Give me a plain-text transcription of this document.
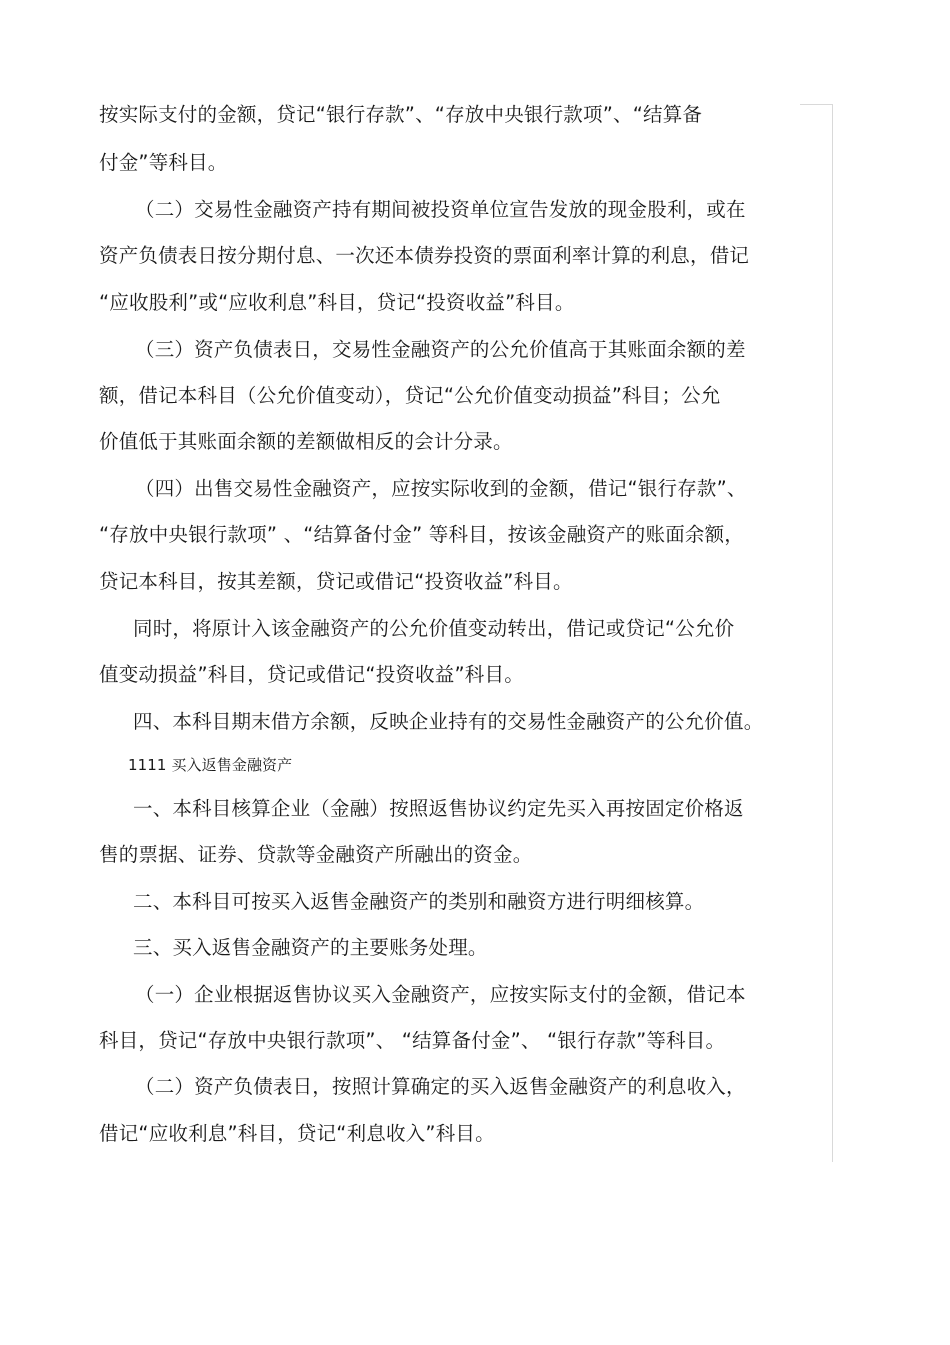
按实际支付的金额，贷记“银行存款”、“存放中央银行款项”、“结算备
付金”等科目。
（二）交易性金融资产持有期间被投资单位宣告发放的现金股利，或在
资产负债表日按分期付息、一次还本债券投资的票面利率计算的利息，借记
“应收股利”或“应收利息”科目，贷记“投资收益”科目。
（三）资产负债表日，交易性金融资产的公允价值高于其账面余额的差
额，借记本科目（公允价值变动），贷记“公允价值变动损益”科目；公允
价值低于其账面余额的差额做相反的会计分录。
（四）出售交易性金融资产，应按实际收到的金额，借记“银行存款”、
“存放中央银行款项” 、“结算备付金” 等科目，按该金融资产的账面余额，
贷记本科目，按其差额，贷记或借记“投资收益”科目。
同时，将原计入该金融资产的公允价值变动转出，借记或贷记“公允价
值变动损益”科目，贷记或借记“投资收益”科目。
四、本科目期末借方余额，反映企业持有的交易性金融资产的公允价值。
1111 买入返售金融资产
一、本科目核算企业（金融）按照返售协议约定先买入再按固定价格返
售的票据、证券、贷款等金融资产所融出的资金。
二、本科目可按买入返售金融资产的类别和融资方进行明细核算。
三、买入返售金融资产的主要账务处理。
（一）企业根据返售协议买入金融资产，应按实际支付的金额，借记本
科目，贷记“存放中央银行款项”、 “结算备付金”、 “银行存款”等科目。
（二）资产负债表日，按照计算确定的买入返售金融资产的利息收入，
借记“应收利息”科目，贷记“利息收入”科目。
